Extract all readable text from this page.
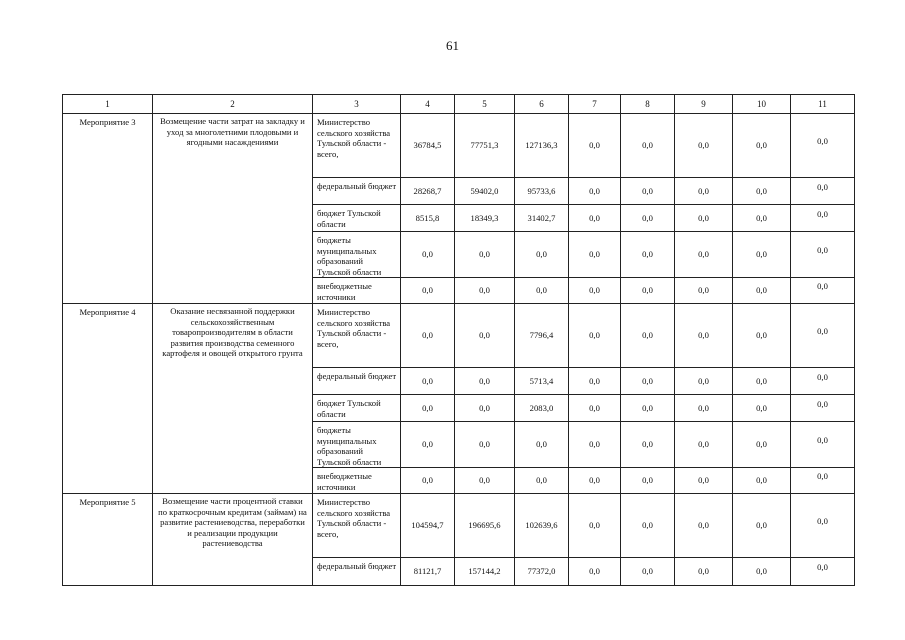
61
1	2	3	4	5	6	7	8	9	10	11
Мероприятие 3	Возмещение части затрат на закладку и уход за многолетними плодовыми и ягодными насаждениями	Министерство сельского хозяйства Тульской области - всего,	36784,5	77751,3	127136,3	0,0	0,0	0,0	0,0	0,0
		федеральный бюджет	28268,7	59402,0	95733,6	0,0	0,0	0,0	0,0	0,0
		бюджет Тульской области	8515,8	18349,3	31402,7	0,0	0,0	0,0	0,0	0,0
		бюджеты муниципальных образований Тульской области	0,0	0,0	0,0	0,0	0,0	0,0	0,0	0,0
		внебюджетные источники	0,0	0,0	0,0	0,0	0,0	0,0	0,0	0,0
Мероприятие 4	Оказание несвязанной поддержки сельскохозяйственным товаропроизводителям в области развития производства семенного картофеля и овощей открытого грунта	Министерство сельского хозяйства Тульской области - всего,	0,0	0,0	7796,4	0,0	0,0	0,0	0,0	0,0
		федеральный бюджет	0,0	0,0	5713,4	0,0	0,0	0,0	0,0	0,0
		бюджет Тульской области	0,0	0,0	2083,0	0,0	0,0	0,0	0,0	0,0
		бюджеты муниципальных образований Тульской области	0,0	0,0	0,0	0,0	0,0	0,0	0,0	0,0
		внебюджетные источники	0,0	0,0	0,0	0,0	0,0	0,0	0,0	0,0
Мероприятие 5	Возмещение части процентной ставки по краткосрочным кредитам (займам) на развитие растениеводства, переработки и реализации продукции растениеводства	Министерство сельского хозяйства Тульской области - всего,	104594,7	196695,6	102639,6	0,0	0,0	0,0	0,0	0,0
		федеральный бюджет	81121,7	157144,2	77372,0	0,0	0,0	0,0	0,0	0,0
